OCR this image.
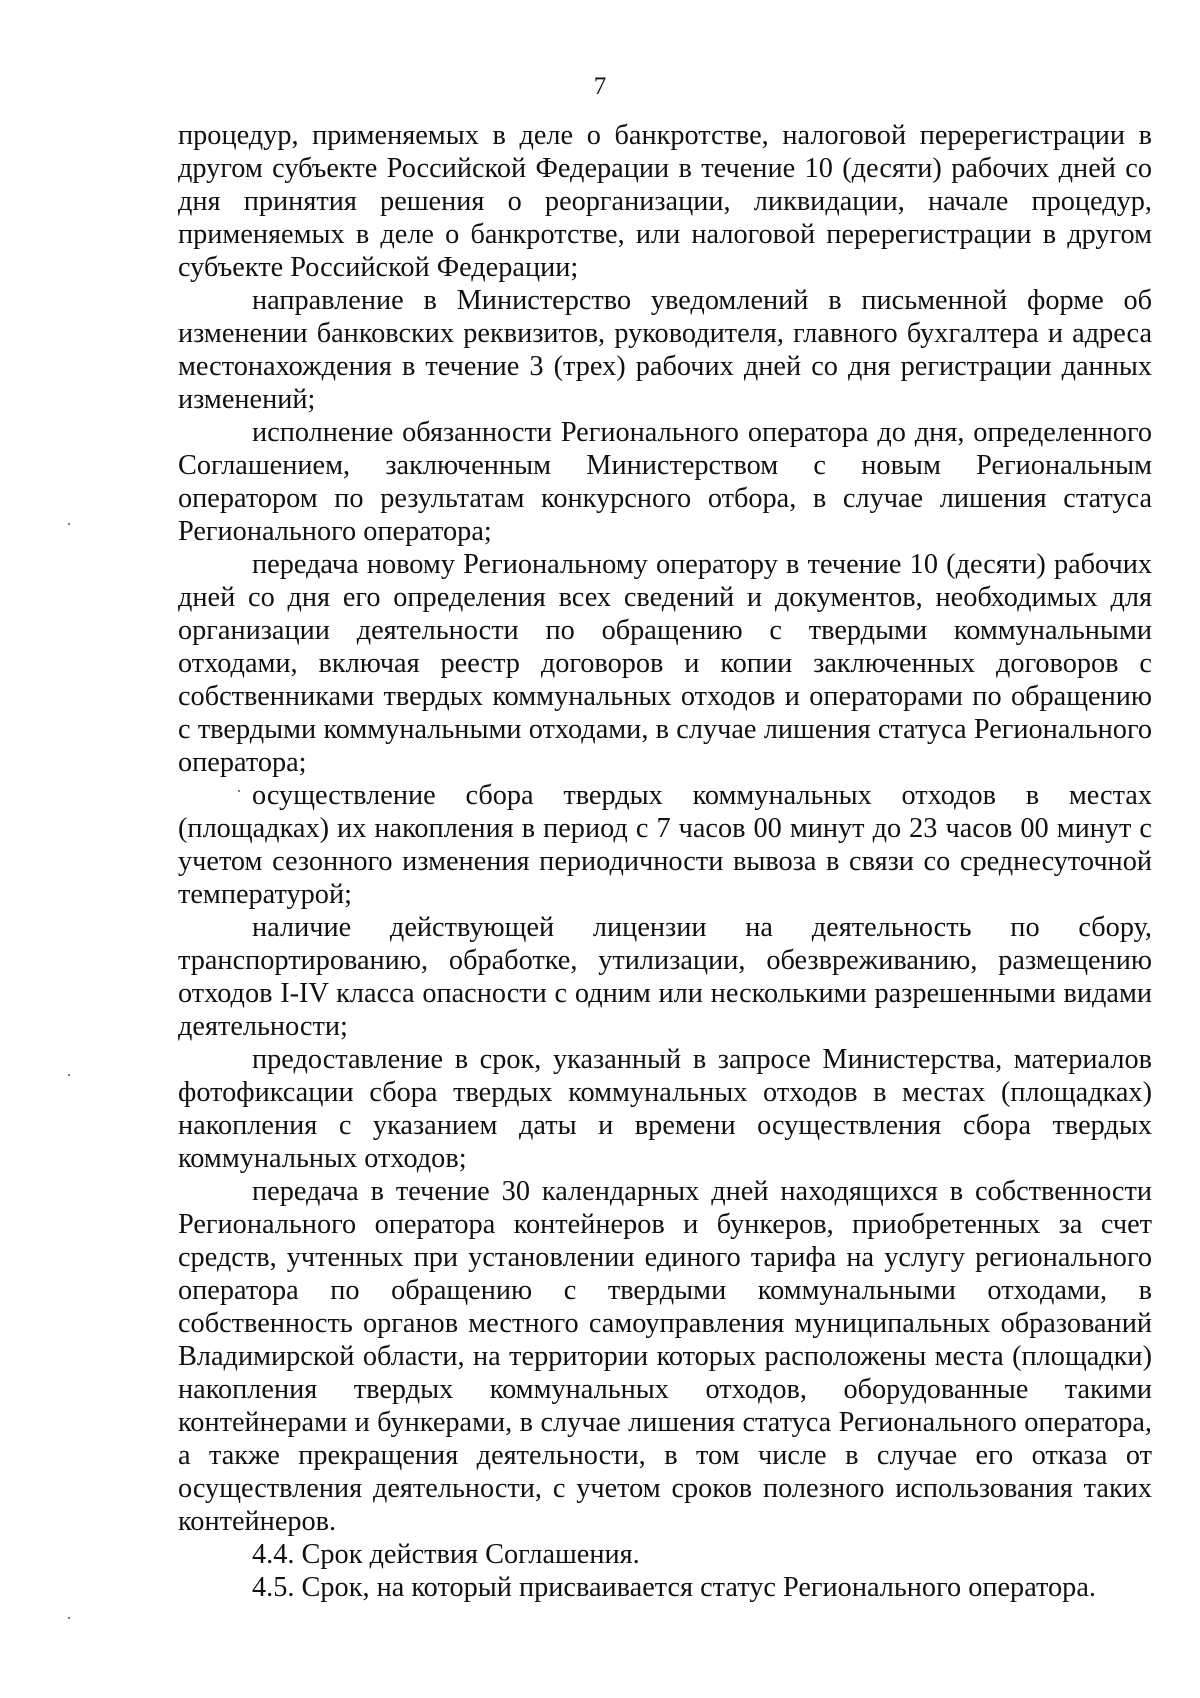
7

процедур, применяемых в деле о банкротстве, налоговой перерегистрации в другом субъекте Российской Федерации в течение 10 (десяти) рабочих дней со дня принятия решения о реорганизации, ликвидации, начале процедур, применяемых в деле о банкротстве, или налоговой перерегистрации в другом субъекте Российской Федерации;

направление в Министерство уведомлений в письменной форме об изменении банковских реквизитов, руководителя, главного бухгалтера и адреса местонахождения в течение 3 (трех) рабочих дней со дня регистрации данных изменений;

исполнение обязанности Регионального оператора до дня, определенного Соглашением, заключенным Министерством с новым Региональным оператором по результатам конкурсного отбора, в случае лишения статуса Регионального оператора;

передача новому Региональному оператору в течение 10 (десяти) рабочих дней со дня его определения всех сведений и документов, необходимых для организации деятельности по обращению с твердыми коммунальными отходами, включая реестр договоров и копии заключенных договоров с собственниками твердых коммунальных отходов и операторами по обращению с твердыми коммунальными отходами, в случае лишения статуса Регионального оператора;

осуществление сбора твердых коммунальных отходов в местах (площадках) их накопления в период с 7 часов 00 минут до 23 часов 00 минут с учетом сезонного изменения периодичности вывоза в связи со среднесуточной температурой;

наличие действующей лицензии на деятельность по сбору, транспортированию, обработке, утилизации, обезвреживанию, размещению отходов I-IV класса опасности с одним или несколькими разрешенными видами деятельности;

предоставление в срок, указанный в запросе Министерства, материалов фотофиксации сбора твердых коммунальных отходов в местах (площадках) накопления с указанием даты и времени осуществления сбора твердых коммунальных отходов;

передача в течение 30 календарных дней находящихся в собственности Регионального оператора контейнеров и бункеров, приобретенных за счет средств, учтенных при установлении единого тарифа на услугу регионального оператора по обращению с твердыми коммунальными отходами, в собственность органов местного самоуправления муниципальных образований Владимирской области, на территории которых расположены места (площадки) накопления твердых коммунальных отходов, оборудованные такими контейнерами и бункерами, в случае лишения статуса Регионального оператора, а также прекращения деятельности, в том числе в случае его отказа от осуществления деятельности, с учетом сроков полезного использования таких контейнеров.

4.4. Срок действия Соглашения.

4.5. Срок, на который присваивается статус Регионального оператора.
